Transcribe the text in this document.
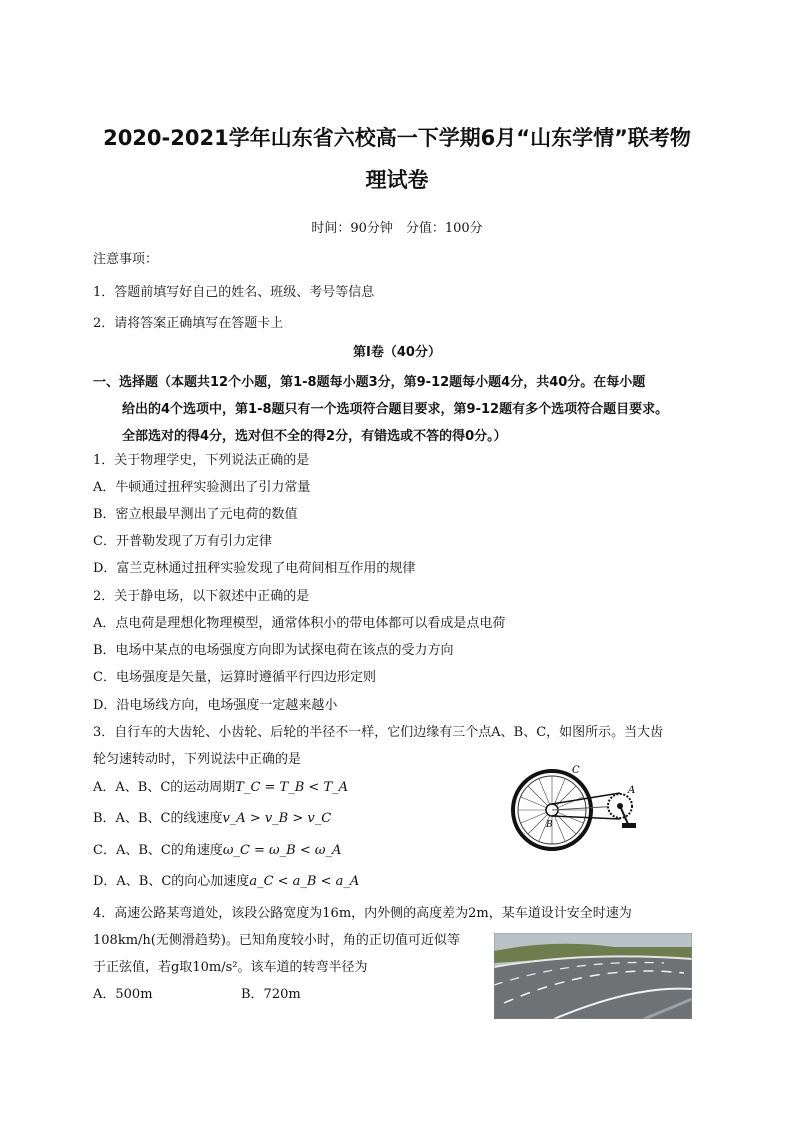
2020-2021学年山东省六校高一下学期6月“山东学情”联考物
理试卷
时间：90分钟　分值：100分
注意事项：
1．答题前填写好自己的姓名、班级、考号等信息
2．请将答案正确填写在答题卡上
第I卷（40分）
一、选择题（本题共12个小题，第1-8题每小题3分，第9-12题每小题4分，共40分。在每小题
给出的4个选项中，第1-8题只有一个选项符合题目要求，第9-12题有多个选项符合题目要求。
全部选对的得4分，选对但不全的得2分，有错选或不答的得0分。）
1．关于物理学史，下列说法正确的是
A．牛顿通过扭秤实验测出了引力常量
B．密立根最早测出了元电荷的数值
C．开普勒发现了万有引力定律
D．富兰克林通过扭秤实验发现了电荷间相互作用的规律
2．关于静电场，以下叙述中正确的是
A．点电荷是理想化物理模型，通常体积小的带电体都可以看成是点电荷
B．电场中某点的电场强度方向即为试探电荷在该点的受力方向
C．电场强度是矢量，运算时遵循平行四边形定则
D．沿电场线方向，电场强度一定越来越小
3．自行车的大齿轮、小齿轮、后轮的半径不一样，它们边缘有三个点A、B、C，如图所示。当大齿
轮匀速转动时，下列说法中正确的是
A．A、B、C的运动周期T_C = T_B < T_A
B．A、B、C的线速度v_A > v_B > v_C
C．A、B、C的角速度ω_C = ω_B < ω_A
D．A、B、C的向心加速度a_C < a_B < a_A
C
A
B
4．高速公路某弯道处，该段公路宽度为16m，内外侧的高度差为2m，某车道设计安全时速为
108km/h(无侧滑趋势)。已知角度较小时，角的正切值可近似等
于正弦值，若g取10m/s²。该车道的转弯半径为
A．500m	B．720m
